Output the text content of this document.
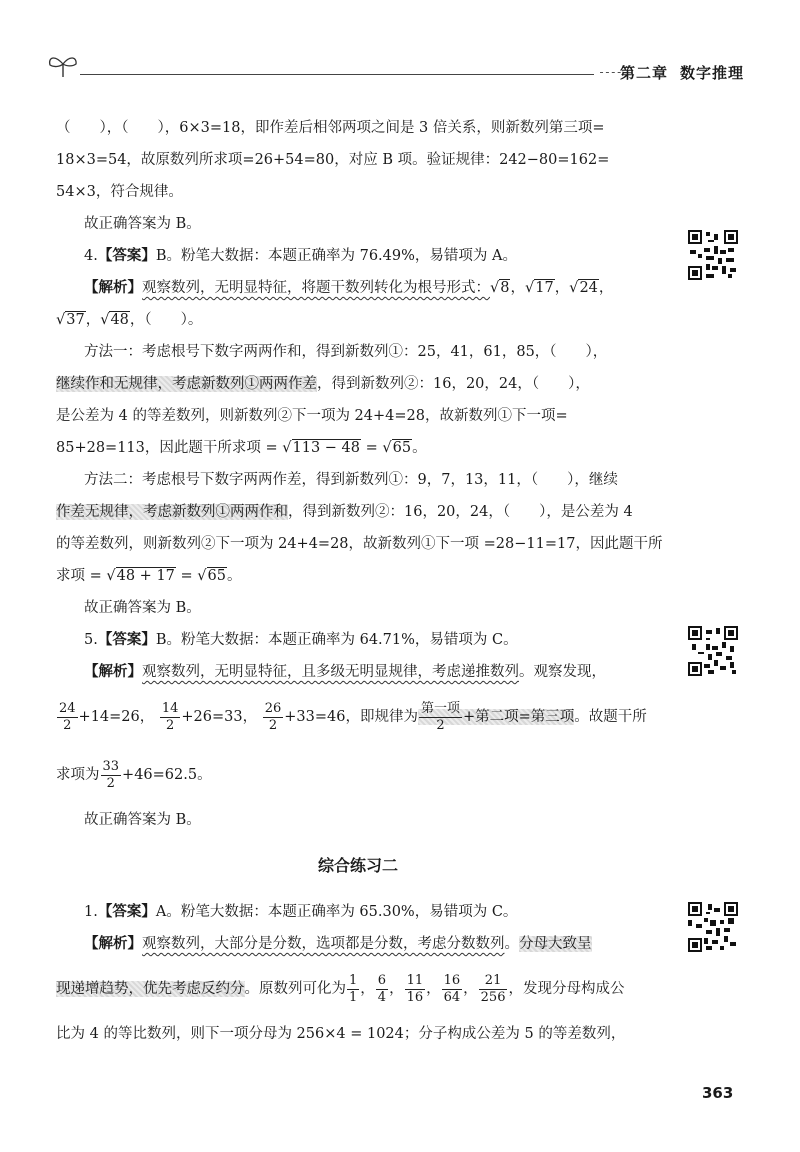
- - - - -
第二章 数字推理
（　　），（　　），6×3=18，即作差后相邻两项之间是 3 倍关系，则新数列第三项=
18×3=54，故原数列所求项=26+54=80，对应 B 项。验证规律：242−80=162=
54×3，符合规律。
故正确答案为 B。
4.【答案】B。粉笔大数据：本题正确率为 76.49%，易错项为 A。
【解析】观察数列，无明显特征，将题干数列转化为根号形式：√8，√17，√24，
√37，√48，（　　）。
方法一：考虑根号下数字两两作和，得到新数列①：25，41，61，85，（　　），
继续作和无规律，考虑新数列①两两作差，得到新数列②：16，20，24，（　　），
是公差为 4 的等差数列，则新数列②下一项为 24+4=28，故新数列①下一项=
85+28=113，因此题干所求项 = √113 − 48 = √65。
方法二：考虑根号下数字两两作差，得到新数列①：9，7，13，11，（　　），继续
作差无规律，考虑新数列①两两作和，得到新数列②：16，20，24，（　　），是公差为 4
的等差数列，则新数列②下一项为 24+4=28，故新数列①下一项 =28−11=17，因此题干所
求项 = √48 + 17 = √65。
故正确答案为 B。
5.【答案】B。粉笔大数据：本题正确率为 64.71%，易错项为 C。
【解析】观察数列，无明显特征，且多级无明显规律，考虑递推数列。观察发现，
$\frac{24}{2} +14=26$， $\frac{14}{2} +26=33$， $\frac{26}{2} +33=46$，即规律为 $\frac{\text{第一项}}{2}$ +第二项=第三项。故题干所
求项为 $\frac{33}{2} +46=62.5$。
故正确答案为 B。
综合练习二
1.【答案】A。粉笔大数据：本题正确率为 65.30%，易错项为 C。
【解析】观察数列，大部分是分数，选项都是分数，考虑分数数列。分母大致呈
现递增趋势，优先考虑反约分。原数列可化为 $\frac{1}{1}$ ， $\frac{6}{4}$ ， $\frac{11}{16}$ ， $\frac{16}{64}$ ， $\frac{21}{256}$ ，发现分母构成公
比为 4 的等比数列，则下一项分母为 256×4 = 1024；分子构成公差为 5 的等差数列，
363
